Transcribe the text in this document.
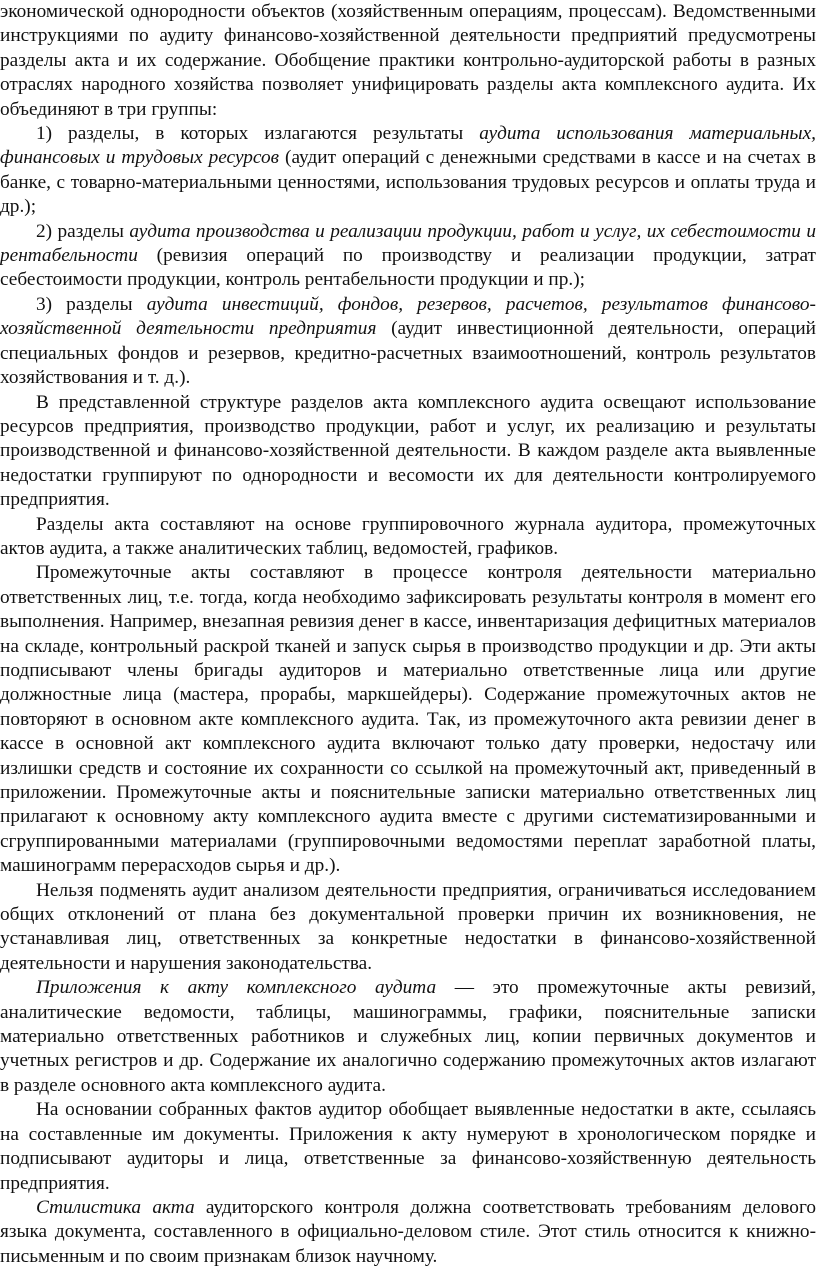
экономической однородности объектов (хозяйственным операциям, процессам). Ведомственными инструкциями по аудиту финансово-хозяйственной деятельности предприятий предусмотрены разделы акта и их содержание. Обобщение практики контрольно-аудиторской работы в разных отраслях народного хозяйства позволяет унифицировать разделы акта комплексного аудита. Их объединяют в три группы:

1) разделы, в которых излагаются результаты аудита использования материальных, финансовых и трудовых ресурсов (аудит операций с денежными средствами в кассе и на счетах в банке, с товарно-материальными ценностями, использования трудовых ресурсов и оплаты труда и др.);

2) разделы аудита производства и реализации продукции, работ и услуг, их себестоимости и рентабельности (ревизия операций по производству и реализации продукции, затрат себестоимости продукции, контроль рентабельности продукции и пр.);

3) разделы аудита инвестиций, фондов, резервов, расчетов, результатов финансово-хозяйственной деятельности предприятия (аудит инвестиционной деятельности, операций специальных фондов и резервов, кредитно-расчетных взаимоотношений, контроль результатов хозяйствования и т. д.).

В представленной структуре разделов акта комплексного аудита освещают использование ресурсов предприятия, производство продукции, работ и услуг, их реализацию и результаты производственной и финансово-хозяйственной деятельности. В каждом разделе акта выявленные недостатки группируют по однородности и весомости их для деятельности контролируемого предприятия.

Разделы акта составляют на основе группировочного журнала аудитора, промежуточных актов аудита, а также аналитических таблиц, ведомостей, графиков.

Промежуточные акты составляют в процессе контроля деятельности материально ответственных лиц, т.е. тогда, когда необходимо зафиксировать результаты контроля в момент его выполнения. Например, внезапная ревизия денег в кассе, инвентаризация дефицитных материалов на складе, контрольный раскрой тканей и запуск сырья в производство продукции и др. Эти акты подписывают члены бригады аудиторов и материально ответственные лица или другие должностные лица (мастера, прорабы, маркшейдеры). Содержание промежуточных актов не повторяют в основном акте комплексного аудита. Так, из промежуточного акта ревизии денег в кассе в основной акт комплексного аудита включают только дату проверки, недостачу или излишки средств и состояние их сохранности со ссылкой на промежуточный акт, приведенный в приложении. Промежуточные акты и пояснительные записки материально ответственных лиц прилагают к основному акту комплексного аудита вместе с другими систематизированными и сгруппированными материалами (группировочными ведомостями переплат заработной платы, машинограмм перерасходов сырья и др.).

Нельзя подменять аудит анализом деятельности предприятия, ограничиваться исследованием общих отклонений от плана без документальной проверки причин их возникновения, не устанавливая лиц, ответственных за конкретные недостатки в финансово-хозяйственной деятельности и нарушения законодательства.

Приложения к акту комплексного аудита — это промежуточные акты ревизий, аналитические ведомости, таблицы, машинограммы, графики, пояснительные записки материально ответственных работников и служебных лиц, копии первичных документов и учетных регистров и др. Содержание их аналогично содержанию промежуточных актов излагают в разделе основного акта комплексного аудита.

На основании собранных фактов аудитор обобщает выявленные недостатки в акте, ссылаясь на составленные им документы. Приложения к акту нумеруют в хронологическом порядке и подписывают аудиторы и лица, ответственные за финансово-хозяйственную деятельность предприятия.

Стилистика акта аудиторского контроля должна соответствовать требованиям делового языка документа, составленного в официально-деловом стиле. Этот стиль относится к книжно-письменным и по своим признакам близок научному.
